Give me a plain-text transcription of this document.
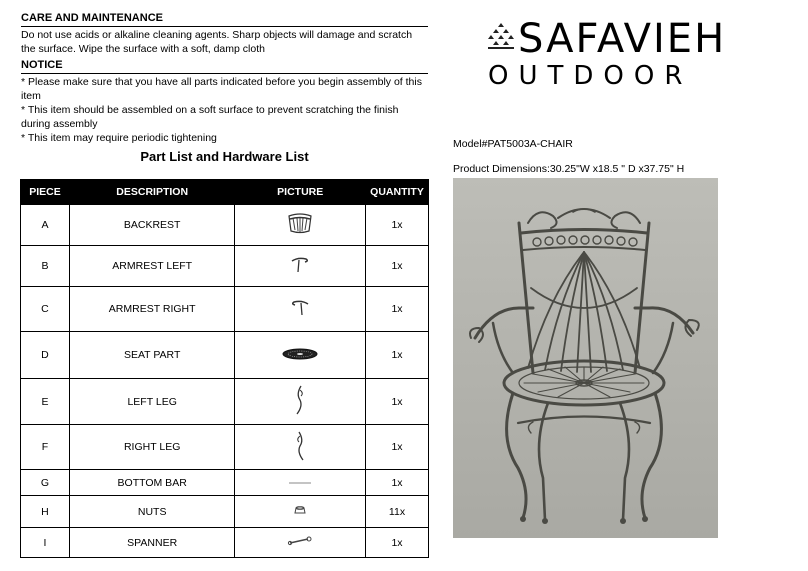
CARE AND MAINTENANCE
Do not use acids or alkaline cleaning agents. Sharp objects will damage and scratch
the surface. Wipe the surface with a soft, damp cloth
NOTICE
* Please make sure that you have all parts indicated before you begin assembly of this
item
* This item should be assembled on a soft surface to prevent scratching the finish
during assembly
* This item may require periodic tightening
Part List and Hardware List
PIECE	DESCRIPTION	PICTURE	QUANTITY
A	BACKREST		1x
B	ARMREST LEFT		1x
C	ARMREST RIGHT		1x
D	SEAT PART		1x
E	LEFT LEG		1x
F	RIGHT LEG		1x
G	BOTTOM BAR		1x
H	NUTS		11x
I	SPANNER		1x
SAFAVIEH
OUTDOOR
Model#PAT5003A-CHAIR
Product Dimensions:30.25"W x18.5 " D x37.75" H
